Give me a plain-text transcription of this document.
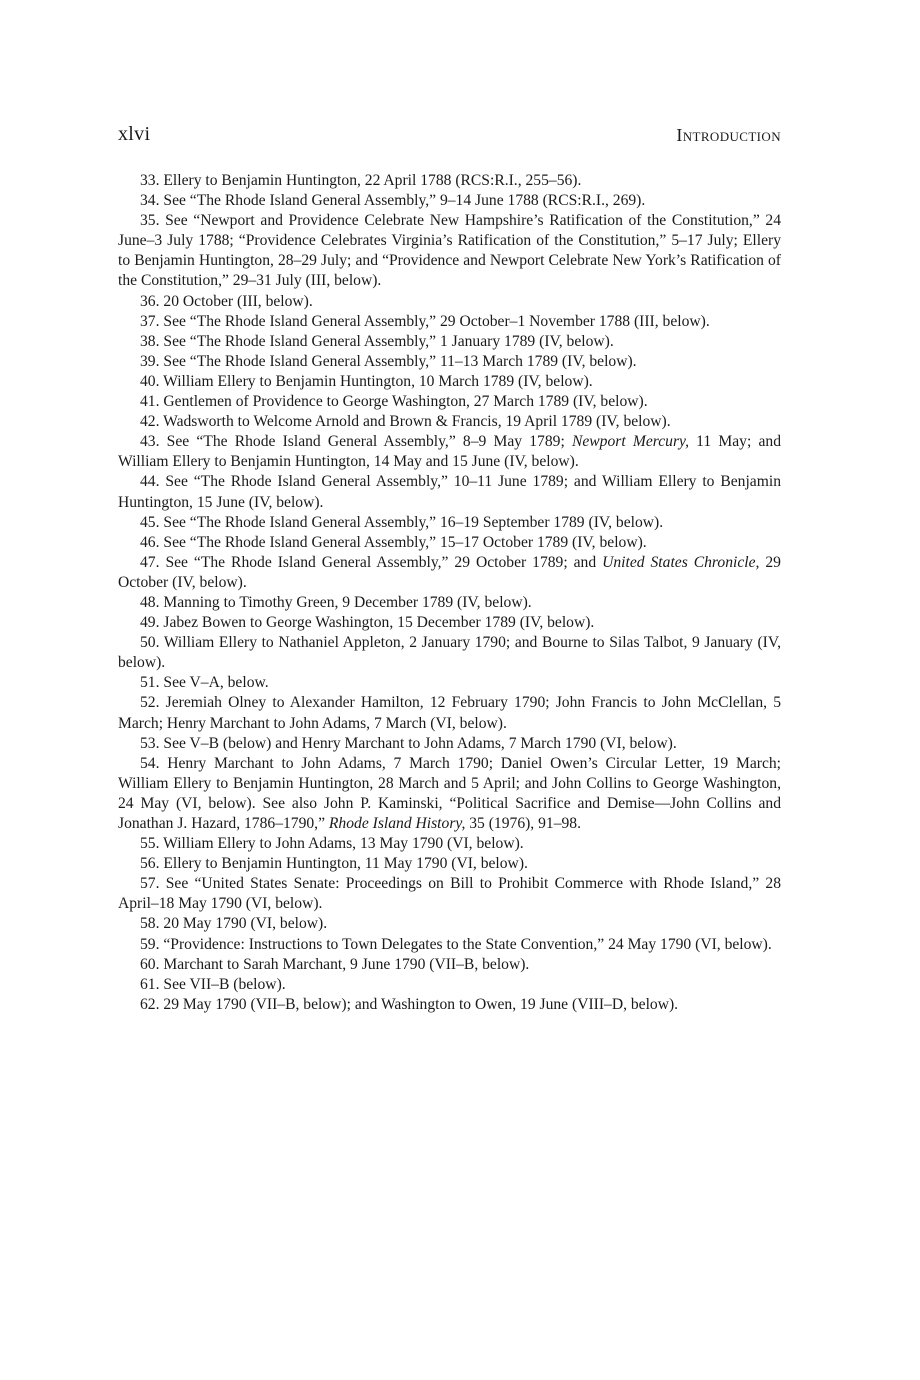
xlvi	Introduction

33. Ellery to Benjamin Huntington, 22 April 1788 (RCS:R.I., 255–56).

34. See “The Rhode Island General Assembly,” 9–14 June 1788 (RCS:R.I., 269).

35. See “Newport and Providence Celebrate New Hampshire’s Ratification of the Constitution,” 24 June–3 July 1788; “Providence Celebrates Virginia’s Ratification of the Constitution,” 5–17 July; Ellery to Benjamin Huntington, 28–29 July; and “Providence and Newport Celebrate New York’s Ratification of the Constitution,” 29–31 July (III, below).

36. 20 October (III, below).

37. See “The Rhode Island General Assembly,” 29 October–1 November 1788 (III, below).

38. See “The Rhode Island General Assembly,” 1 January 1789 (IV, below).

39. See “The Rhode Island General Assembly,” 11–13 March 1789 (IV, below).

40. William Ellery to Benjamin Huntington, 10 March 1789 (IV, below).

41. Gentlemen of Providence to George Washington, 27 March 1789 (IV, below).

42. Wadsworth to Welcome Arnold and Brown & Francis, 19 April 1789 (IV, below).

43. See “The Rhode Island General Assembly,” 8–9 May 1789; Newport Mercury, 11 May; and William Ellery to Benjamin Huntington, 14 May and 15 June (IV, below).

44. See “The Rhode Island General Assembly,” 10–11 June 1789; and William Ellery to Benjamin Huntington, 15 June (IV, below).

45. See “The Rhode Island General Assembly,” 16–19 September 1789 (IV, below).

46. See “The Rhode Island General Assembly,” 15–17 October 1789 (IV, below).

47. See “The Rhode Island General Assembly,” 29 October 1789; and United States Chronicle, 29 October (IV, below).

48. Manning to Timothy Green, 9 December 1789 (IV, below).

49. Jabez Bowen to George Washington, 15 December 1789 (IV, below).

50. William Ellery to Nathaniel Appleton, 2 January 1790; and Bourne to Silas Talbot, 9 January (IV, below).

51. See V–A, below.

52. Jeremiah Olney to Alexander Hamilton, 12 February 1790; John Francis to John McClellan, 5 March; Henry Marchant to John Adams, 7 March (VI, below).

53. See V–B (below) and Henry Marchant to John Adams, 7 March 1790 (VI, below).

54. Henry Marchant to John Adams, 7 March 1790; Daniel Owen’s Circular Letter, 19 March; William Ellery to Benjamin Huntington, 28 March and 5 April; and John Collins to George Washington, 24 May (VI, below). See also John P. Kaminski, “Political Sacrifice and Demise—John Collins and Jonathan J. Hazard, 1786–1790,” Rhode Island History, 35 (1976), 91–98.

55. William Ellery to John Adams, 13 May 1790 (VI, below).

56. Ellery to Benjamin Huntington, 11 May 1790 (VI, below).

57. See “United States Senate: Proceedings on Bill to Prohibit Commerce with Rhode Island,” 28 April–18 May 1790 (VI, below).

58. 20 May 1790 (VI, below).

59. “Providence: Instructions to Town Delegates to the State Convention,” 24 May 1790 (VI, below).

60. Marchant to Sarah Marchant, 9 June 1790 (VII–B, below).

61. See VII–B (below).

62. 29 May 1790 (VII–B, below); and Washington to Owen, 19 June (VIII–D, below).
